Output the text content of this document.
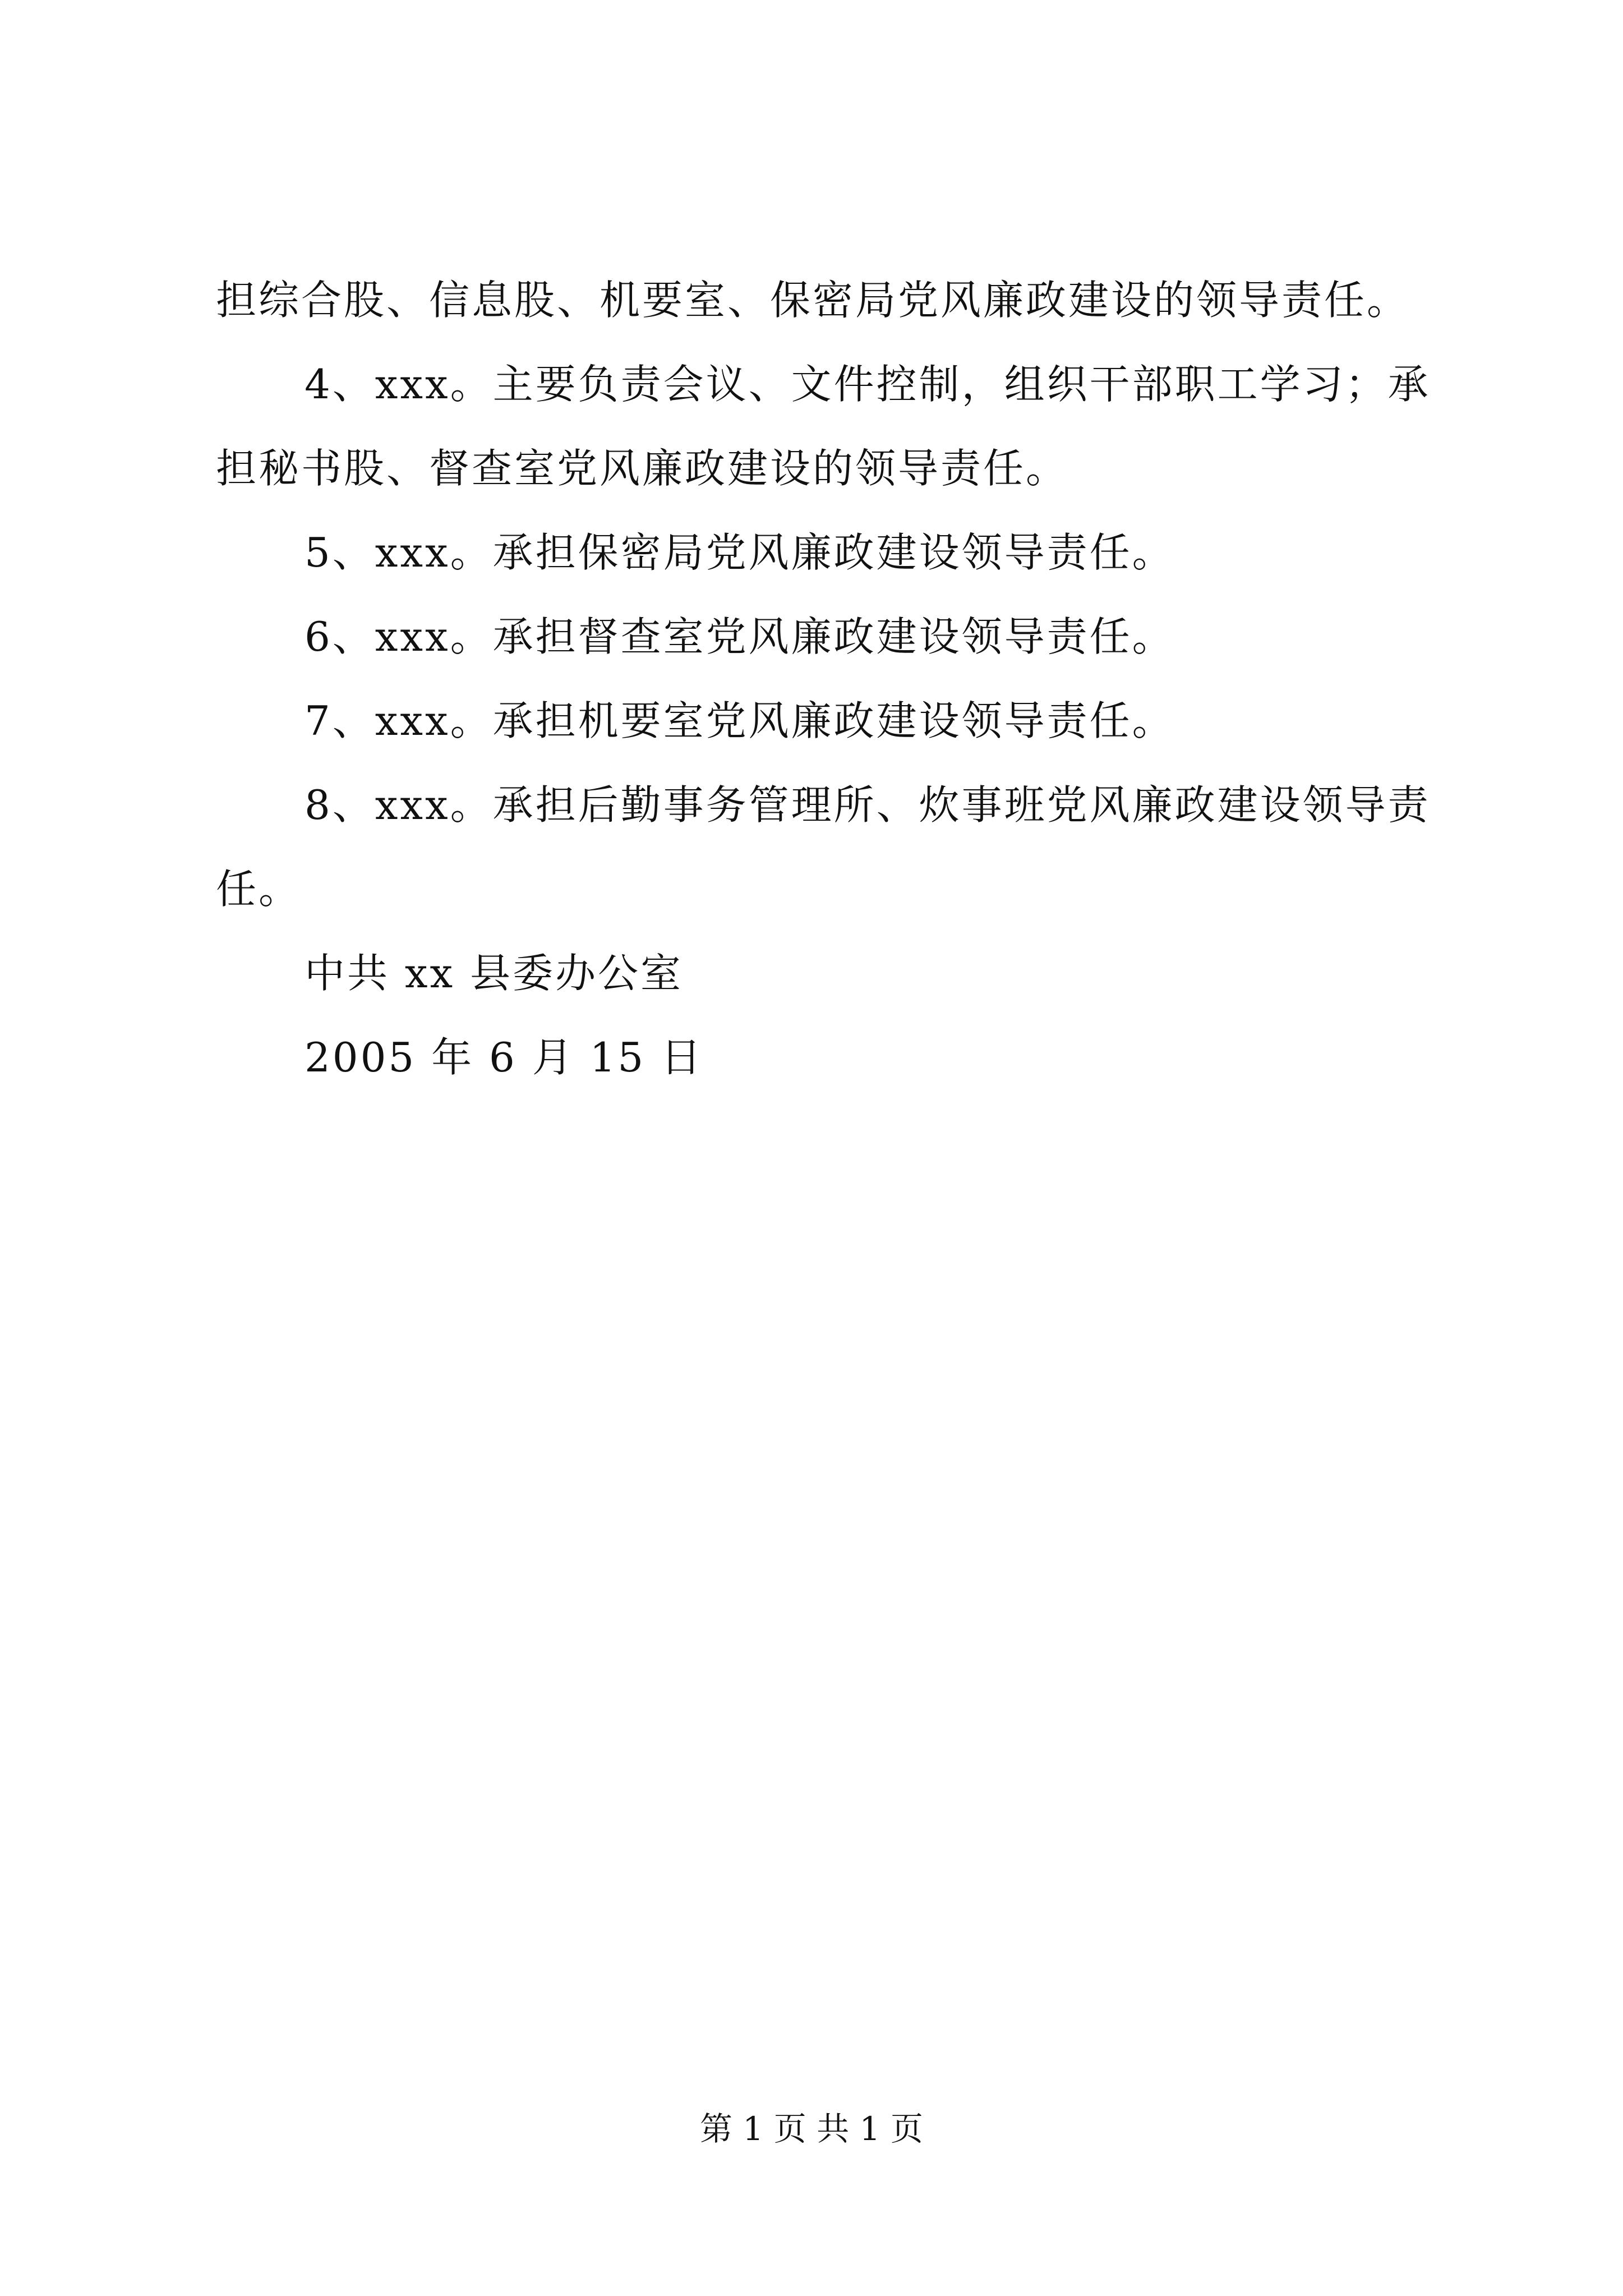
担综合股、信息股、机要室、保密局党风廉政建设的领导责任。
4、xxx。主要负责会议、文件控制，组织干部职工学习；承
担秘书股、督查室党风廉政建设的领导责任。
5、xxx。承担保密局党风廉政建设领导责任。
6、xxx。承担督查室党风廉政建设领导责任。
7、xxx。承担机要室党风廉政建设领导责任。
8、xxx。承担后勤事务管理所、炊事班党风廉政建设领导责
任。
中共 xx 县委办公室
2005 年 6 月 15 日
第 1 页 共 1 页
